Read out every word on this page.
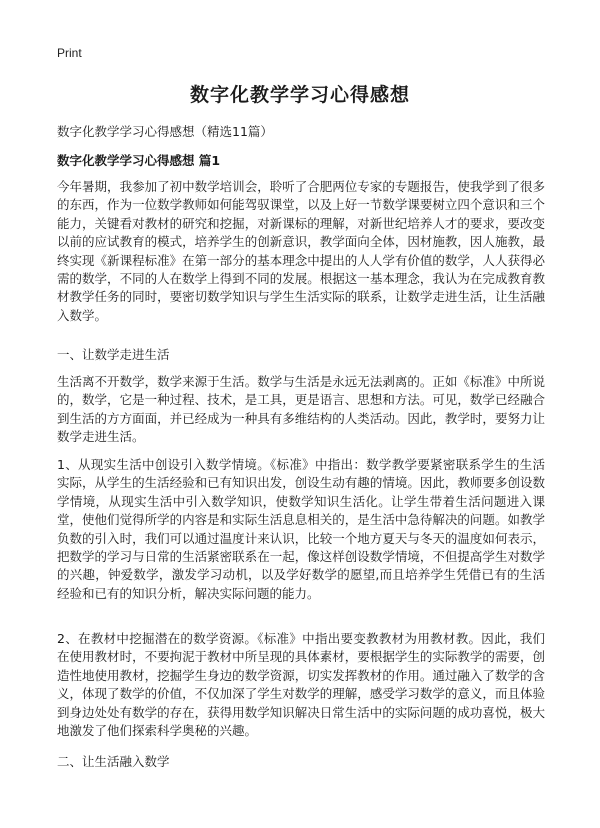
Print
数字化教学学习心得感想
数字化教学学习心得感想（精选11篇）
数字化教学学习心得感想 篇1

今年暑期，我参加了初中数学培训会，聆听了合肥两位专家的专题报告，使我学到了很多的东西，作为一位数学教师如何能驾驭课堂，以及上好一节数学课要树立四个意识和三个能力，关键看对教材的研究和挖掘，对新课标的理解，对新世纪培养人才的要求，要改变以前的应试教育的模式，培养学生的创新意识，教学面向全体，因材施教，因人施教，最终实现《新课程标准》在第一部分的基本理念中提出的人人学有价值的数学，人人获得必需的数学，不同的人在数学上得到不同的发展。根据这一基本理念，我认为在完成教育教材教学任务的同时，要密切数学知识与学生生活实际的联系，让数学走进生活，让生活融入数学。

一、让数学走进生活

生活离不开数学，数学来源于生活。数学与生活是永远无法剥离的。正如《标准》中所说的，数学，它是一种过程、技术，是工具，更是语言、思想和方法。可见，数学已经融合到生活的方方面面，并已经成为一种具有多维结构的人类活动。因此，教学时，要努力让数学走进生活。

1、从现实生活中创设引入数学情境。《标准》中指出：数学教学要紧密联系学生的生活实际，从学生的生活经验和已有知识出发，创设生动有趣的情境。因此，教师要多创设数学情境，从现实生活中引入数学知识，使数学知识生活化。让学生带着生活问题进入课堂，使他们觉得所学的内容是和实际生活息息相关的，是生活中急待解决的问题。如教学负数的引入时，我们可以通过温度计来认识，比较一个地方夏天与冬天的温度如何表示，把数学的学习与日常的生活紧密联系在一起，像这样创设数学情境，不但提高学生对数学的兴趣，钟爱数学，激发学习动机，以及学好数学的愿望,而且培养学生凭借已有的生活经验和已有的知识分析，解决实际问题的能力。

2、在教材中挖掘潜在的数学资源。《标准》中指出要变教教材为用教材教。因此，我们在使用教材时，不要拘泥于教材中所呈现的具体素材，要根据学生的实际教学的需要，创造性地使用教材，挖掘学生身边的数学资源，切实发挥教材的作用。通过融入了数学的含义，体现了数学的价值，不仅加深了学生对数学的理解，感受学习数学的意义，而且体验到身边处处有数学的存在，获得用数学知识解决日常生活中的实际问题的成功喜悦，极大地激发了他们探索科学奥秘的兴趣。

二、让生活融入数学
